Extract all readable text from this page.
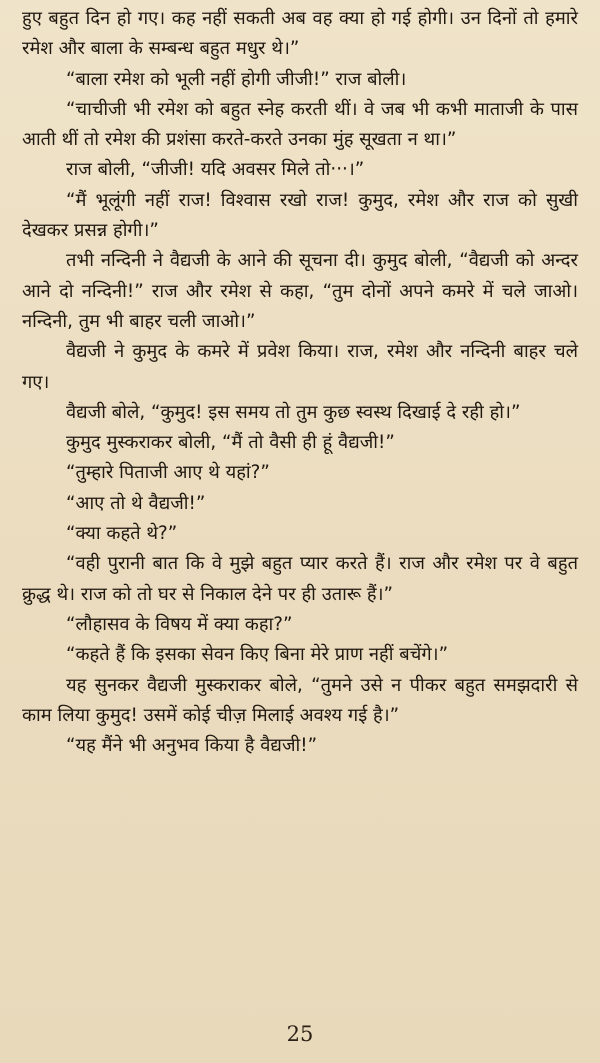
हुए बहुत दिन हो गए। कह नहीं सकती अब वह क्या हो गई होगी। उन दिनों तो हमारे रमेश और बाला के सम्बन्ध बहुत मधुर थे।”

“बाला रमेश को भूली नहीं होगी जीजी!” राज बोली।

“चाचीजी भी रमेश को बहुत स्नेह करती थीं। वे जब भी कभी माताजी के पास आती थीं तो रमेश की प्रशंसा करते-करते उनका मुंह सूखता न था।”

राज बोली, “जीजी! यदि अवसर मिले तो···।”

“मैं भूलूंगी नहीं राज! विश्वास रखो राज! कुमुद, रमेश और राज को सुखी देखकर प्रसन्न होगी।”

तभी नन्दिनी ने वैद्यजी के आने की सूचना दी। कुमुद बोली, “वैद्यजी को अन्दर आने दो नन्दिनी!” राज और रमेश से कहा, “तुम दोनों अपने कमरे में चले जाओ। नन्दिनी, तुम भी बाहर चली जाओ।”

वैद्यजी ने कुमुद के कमरे में प्रवेश किया। राज, रमेश और नन्दिनी बाहर चले गए।

वैद्यजी बोले, “कुमुद! इस समय तो तुम कुछ स्वस्थ दिखाई दे रही हो।”

कुमुद मुस्कराकर बोली, “मैं तो वैसी ही हूं वैद्यजी!”

“तुम्हारे पिताजी आए थे यहां?”

“आए तो थे वैद्यजी!”

“क्या कहते थे?”

“वही पुरानी बात कि वे मुझे बहुत प्यार करते हैं। राज और रमेश पर वे बहुत क्रुद्ध थे। राज को तो घर से निकाल देने पर ही उतारू हैं।”

“लौहासव के विषय में क्या कहा?”

“कहते हैं कि इसका सेवन किए बिना मेरे प्राण नहीं बचेंगे।”

यह सुनकर वैद्यजी मुस्कराकर बोले, “तुमने उसे न पीकर बहुत समझदारी से काम लिया कुमुद! उसमें कोई चीज़ मिलाई अवश्य गई है।”

“यह मैंने भी अनुभव किया है वैद्यजी!”

25
